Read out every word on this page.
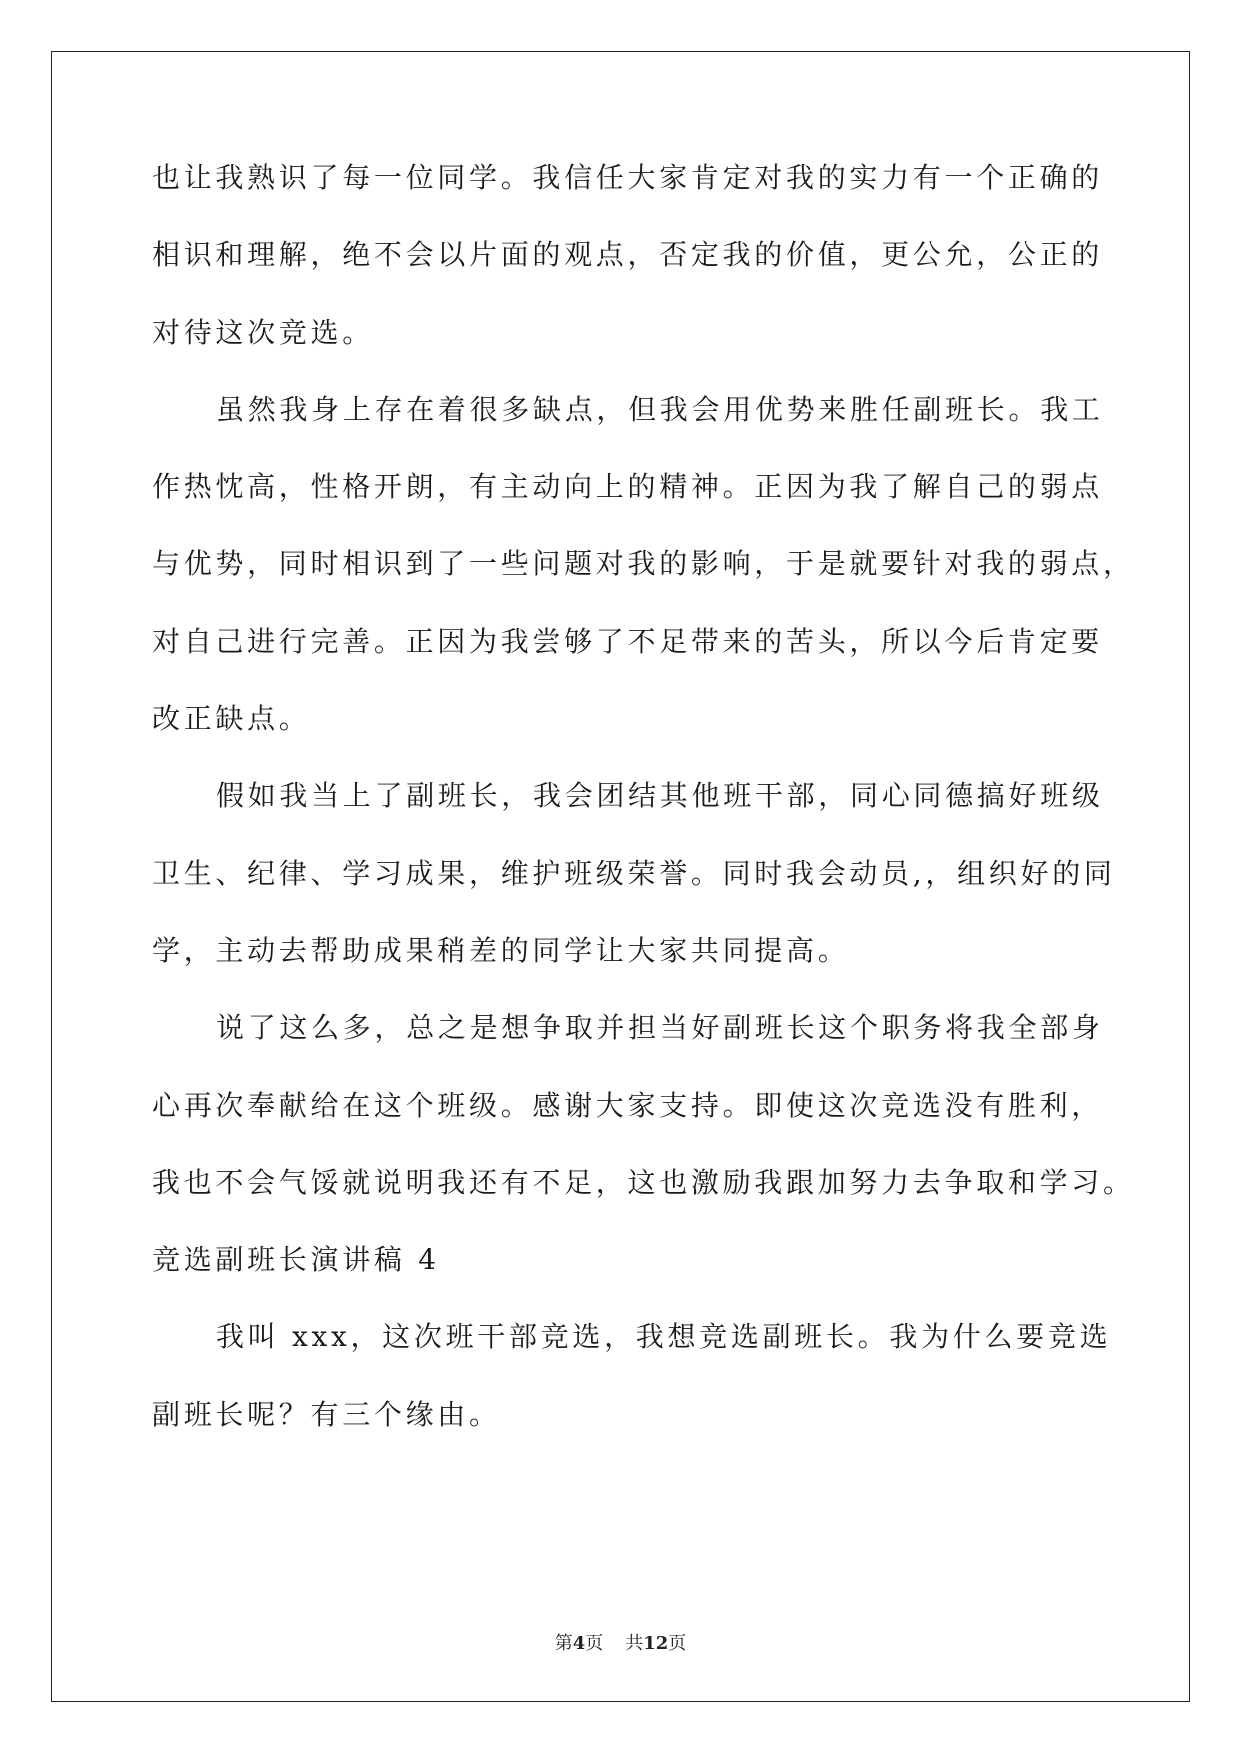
也让我熟识了每一位同学。我信任大家肯定对我的实力有一个正确的
相识和理解，绝不会以片面的观点，否定我的价值，更公允，公正的
对待这次竞选。
虽然我身上存在着很多缺点，但我会用优势来胜任副班长。我工
作热忱高，性格开朗，有主动向上的精神。正因为我了解自己的弱点
与优势，同时相识到了一些问题对我的影响，于是就要针对我的弱点，
对自己进行完善。正因为我尝够了不足带来的苦头，所以今后肯定要
改正缺点。
假如我当上了副班长，我会团结其他班干部，同心同德搞好班级
卫生、纪律、学习成果，维护班级荣誉。同时我会动员,，组织好的同
学，主动去帮助成果稍差的同学让大家共同提高。
说了这么多，总之是想争取并担当好副班长这个职务将我全部身
心再次奉献给在这个班级。感谢大家支持。即使这次竞选没有胜利，
我也不会气馁就说明我还有不足，这也激励我跟加努力去争取和学习。
竞选副班长演讲稿 4
我叫 xxx，这次班干部竞选，我想竞选副班长。我为什么要竞选
副班长呢？有三个缘由。
第4页 共12页
